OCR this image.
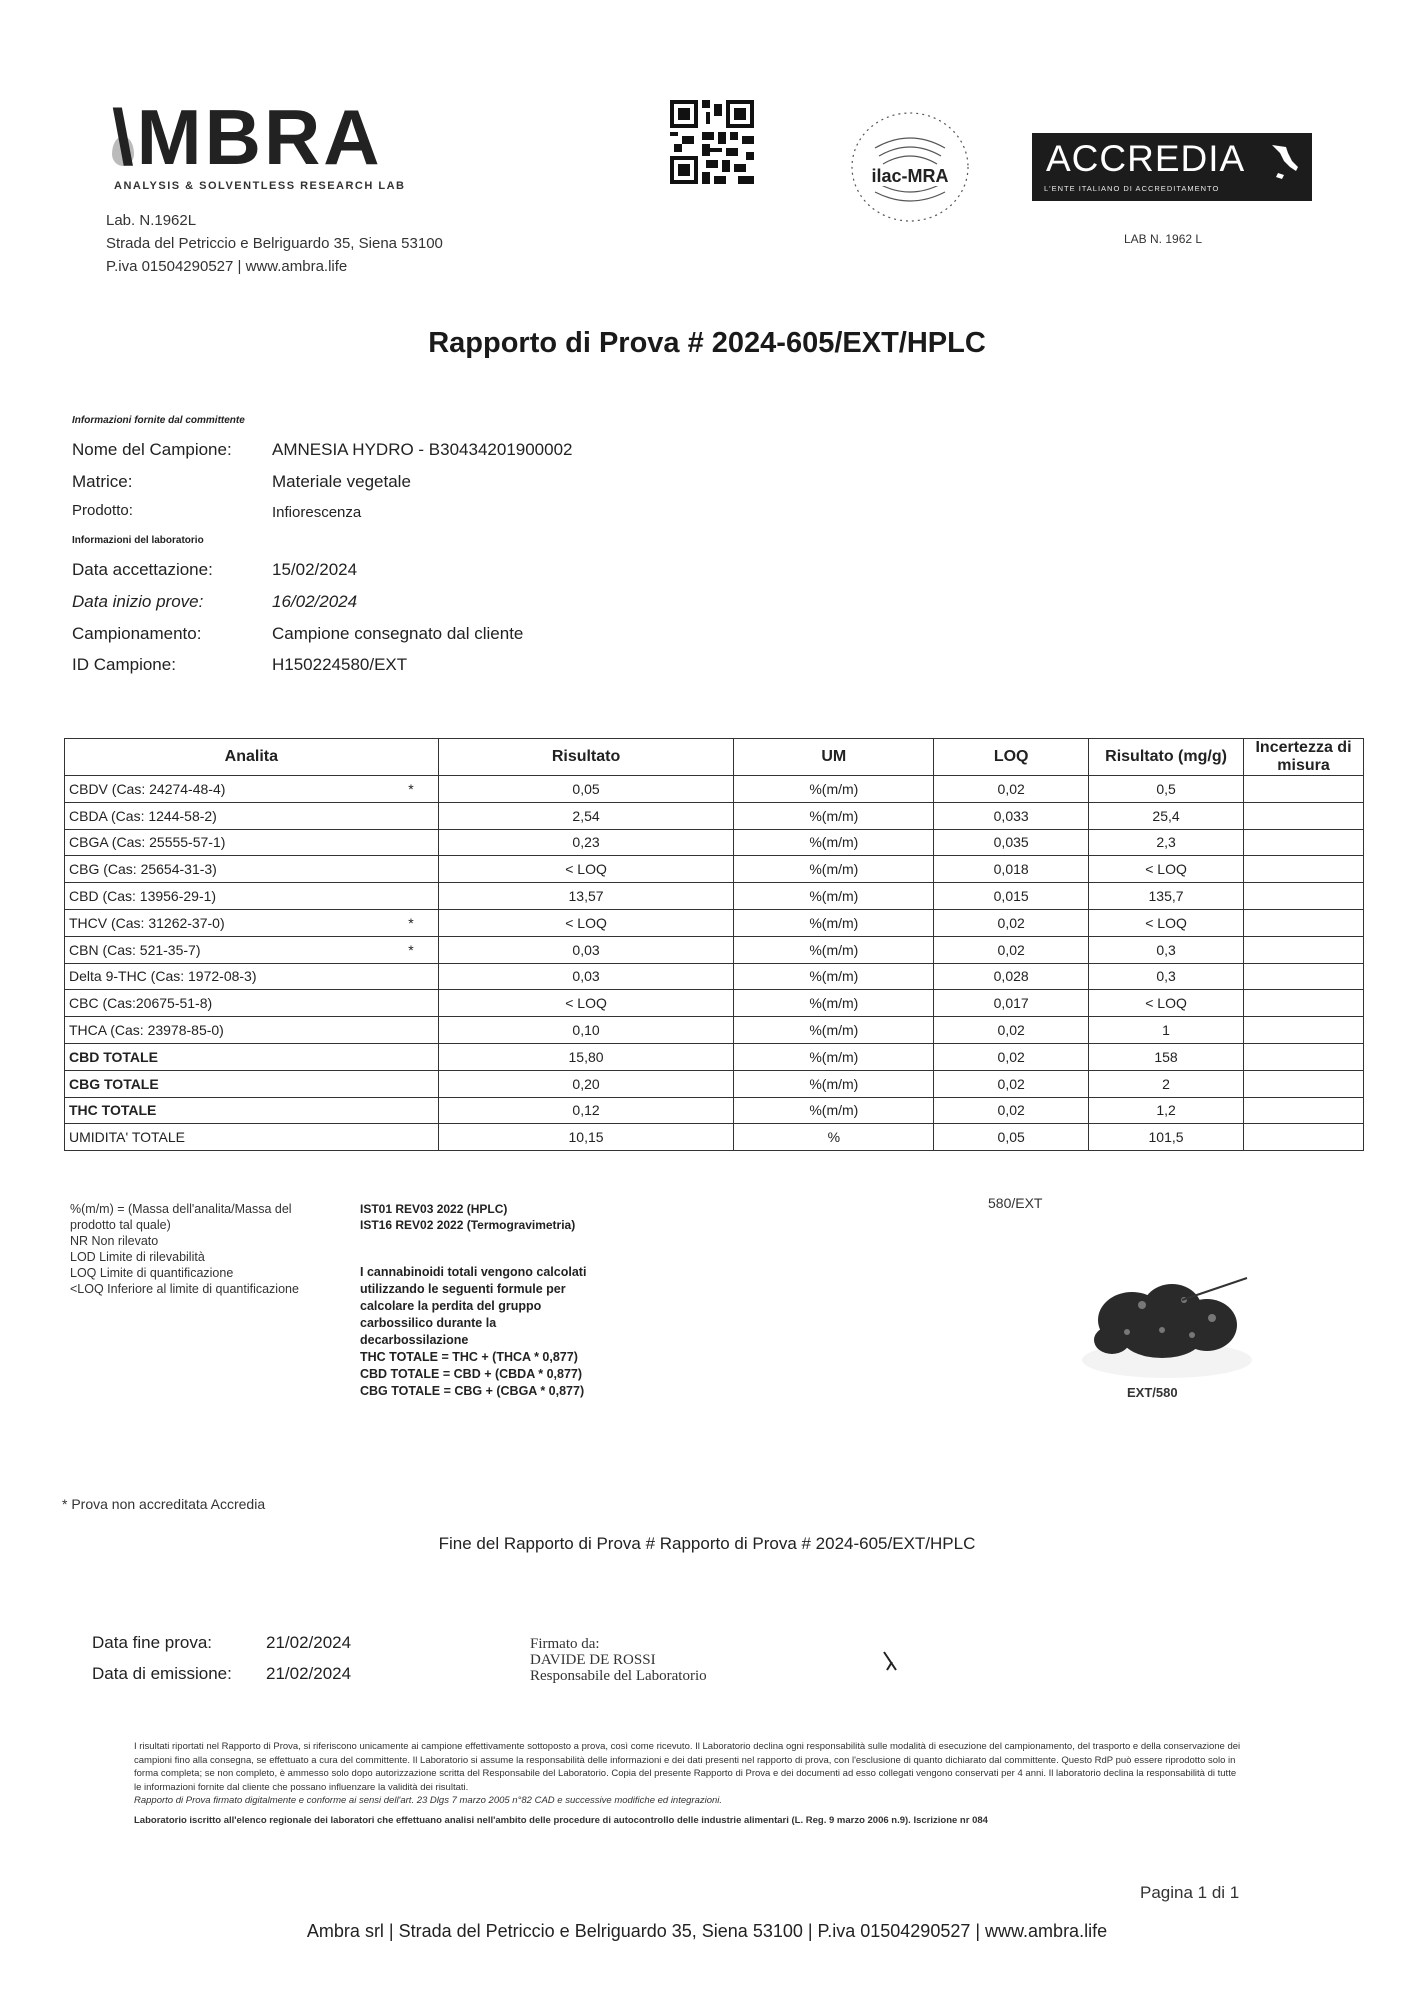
\MBRA
ANALYSIS & SOLVENTLESS RESEARCH LAB
Lab. N.1962L
Strada del Petriccio e Belriguardo 35, Siena 53100
P.iva 01504290527 | www.ambra.life
ilac-MRA	ACCREDIA
L'ENTE ITALIANO DI ACCREDITAMENTO
LAB N. 1962 L
Rapporto di Prova # 2024-605/EXT/HPLC
Informazioni fornite dal committente
Nome del Campione: AMNESIA HYDRO - B30434201900002
Matrice:	Materiale vegetale
Prodotto:	Infiorescenza
Informazioni del laboratorio
Data accettazione:	15/02/2024
Data inizio prove:	16/02/2024
Campionamento:	Campione consegnato dal cliente
ID Campione:	H150224580/EXT
Analita	Risultato	UM	LOQ	Risultato (mg/g)	Incertezza di misura
CBDV (Cas: 24274-48-4) *	0,05	%(m/m)	0,02	0,5	
CBDA (Cas: 1244-58-2)	2,54	%(m/m)	0,033	25,4	
CBGA (Cas: 25555-57-1)	0,23	%(m/m)	0,035	2,3	
CBG (Cas: 25654-31-3)	< LOQ	%(m/m)	0,018	< LOQ	
CBD (Cas: 13956-29-1)	13,57	%(m/m)	0,015	135,7	
THCV (Cas: 31262-37-0) *	< LOQ	%(m/m)	0,02	< LOQ	
CBN (Cas: 521-35-7) *	0,03	%(m/m)	0,02	0,3	
Delta 9-THC (Cas: 1972-08-3)	0,03	%(m/m)	0,028	0,3	
CBC (Cas:20675-51-8)	< LOQ	%(m/m)	0,017	< LOQ	
THCA (Cas: 23978-85-0)	0,10	%(m/m)	0,02	1	
CBD TOTALE	15,80	%(m/m)	0,02	158	
CBG TOTALE	0,20	%(m/m)	0,02	2	
THC TOTALE	0,12	%(m/m)	0,02	1,2	
UMIDITA' TOTALE	10,15	%	0,05	101,5	
%(m/m) = (Massa dell'analita/Massa del
prodotto tal quale)
NR Non rilevato
LOD Limite di rilevabilità
LOQ Limite di quantificazione
<LOQ Inferiore al limite di quantificazione
IST01 REV03 2022 (HPLC)
IST16 REV02 2022 (Termogravimetria)
I cannabinoidi totali vengono calcolati
utilizzando le seguenti formule per
calcolare la perdita del gruppo
carbossilico durante la
decarbossilazione
THC TOTALE = THC + (THCA * 0,877)
CBD TOTALE = CBD + (CBDA * 0,877)
CBG TOTALE = CBG + (CBGA * 0,877)
580/EXT
EXT/580
* Prova non accreditata Accredia
Fine del Rapporto di Prova # Rapporto di Prova # 2024-605/EXT/HPLC
Data fine prova:	21/02/2024
Data di emissione: 21/02/2024
Firmato da:
DAVIDE DE ROSSI
Responsabile del Laboratorio
I risultati riportati nel Rapporto di Prova, si riferiscono unicamente ai campione effettivamente sottoposto a prova, così come ricevuto. Il Laboratorio declina ogni responsabilità sulle modalità di esecuzione del campionamento, del trasporto e della conservazione dei campioni fino alla consegna, se effettuato a cura del committente. Il Laboratorio si assume la responsabilità delle informazioni e dei dati presenti nel rapporto di prova, con l'esclusione di quanto dichiarato dal committente. Questo RdP può essere riprodotto solo in forma completa; se non completo, è ammesso solo dopo autorizzazione scritta del Responsabile del Laboratorio. Copia del presente Rapporto di Prova e dei documenti ad esso collegati vengono conservati per 4 anni. Il laboratorio declina la responsabilità di tutte le informazioni fornite dal cliente che possano influenzare la validità dei risultati.
Rapporto di Prova firmato digitalmente e conforme ai sensi dell'art. 23 Dlgs 7 marzo 2005 n°82 CAD e successive modifiche ed integrazioni.
Laboratorio iscritto all'elenco regionale dei laboratori che effettuano analisi nell'ambito delle procedure di autocontrollo delle industrie alimentari (L. Reg. 9 marzo 2006 n.9). Iscrizione nr 084
Pagina 1 di 1
Ambra srl | Strada del Petriccio e Belriguardo 35, Siena 53100 | P.iva 01504290527 | www.ambra.life
